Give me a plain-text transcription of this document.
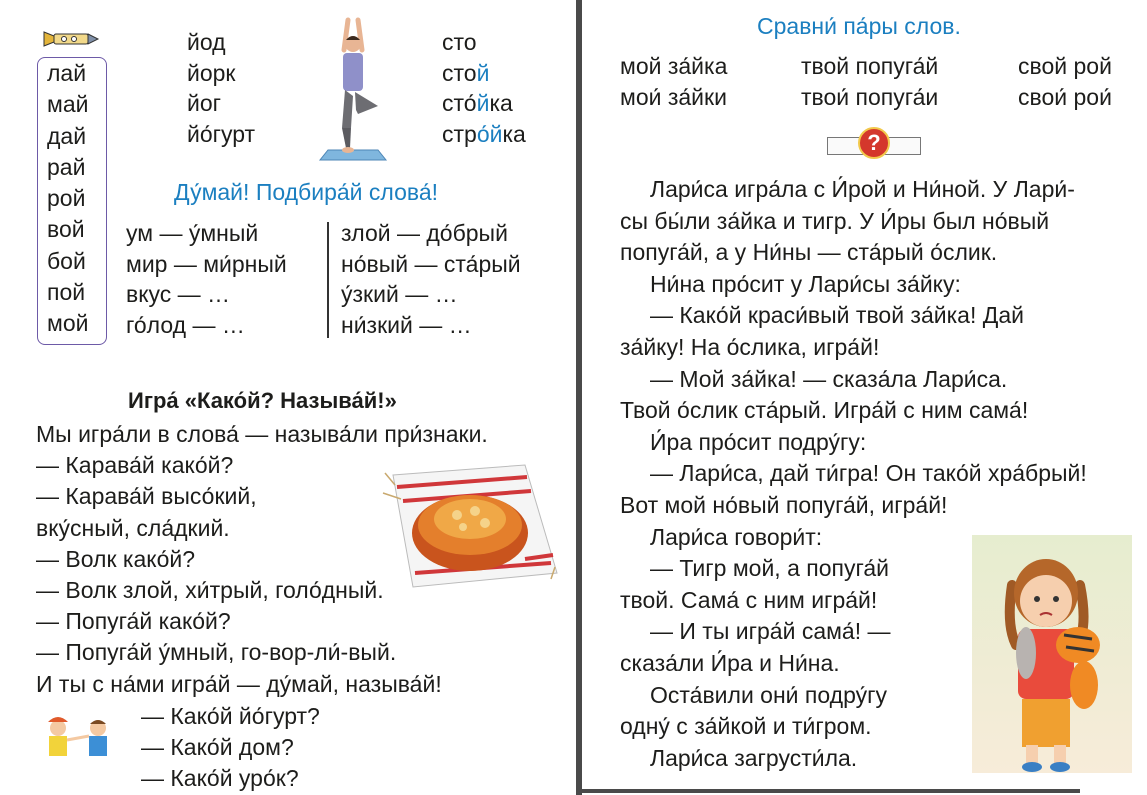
лай
май
дай
рай
рой
вой
бой
пой
мой
йод
йорк
йог
йо́гурт
сто
стой
сто́йка
стро́йка
Ду́май! Подбира́й слова́!
ум — у́мный
мир — ми́рный
вкус — …
го́лод — …
злой — до́брый
но́вый — ста́рый
у́зкий — …
ни́зкий — …
Игра́ «Како́й? Называ́й!»
Мы игра́ли в слова́ — называ́ли при́знаки.
— Карава́й како́й?
— Карава́й высо́кий,
вку́сный, сла́дкий.
— Волк како́й?
— Волк злой, хи́трый, голо́дный.
— Попуга́й како́й?
— Попуга́й у́мный, го-вор-ли́-вый.
И ты с на́ми игра́й — ду́май, называ́й!
— Како́й йо́гурт?
— Како́й дом?
— Како́й уро́к?
Сравни́ па́ры слов.
мой за́йка	твой попуга́й	свой рой
мои́ за́йки	твои́ попуга́и	свои́ рои́
?
Лари́са игра́ла с И́рой и Ни́ной. У Лари́-
сы бы́ли за́йка и тигр. У И́ры был но́вый
попуга́й, а у Ни́ны — ста́рый о́слик.
Ни́на про́сит у Лари́сы за́йку:
— Како́й краси́вый твой за́йка! Дай
за́йку! На о́слика, игра́й!
— Мой за́йка! — сказа́ла Лари́са.
Твой о́слик ста́рый. Игра́й с ним сама́!
И́ра про́сит подру́гу:
— Лари́са, дай ти́гра! Он тако́й хра́брый!
Вот мой но́вый попуга́й, игра́й!
Лари́са говори́т:
— Тигр мой, а попуга́й
твой. Сама́ с ним игра́й!
— И ты игра́й сама́! —
сказа́ли И́ра и Ни́на.
Оста́вили они́ подру́гу
одну́ с за́йкой и ти́гром.
Лари́са загрусти́ла.
